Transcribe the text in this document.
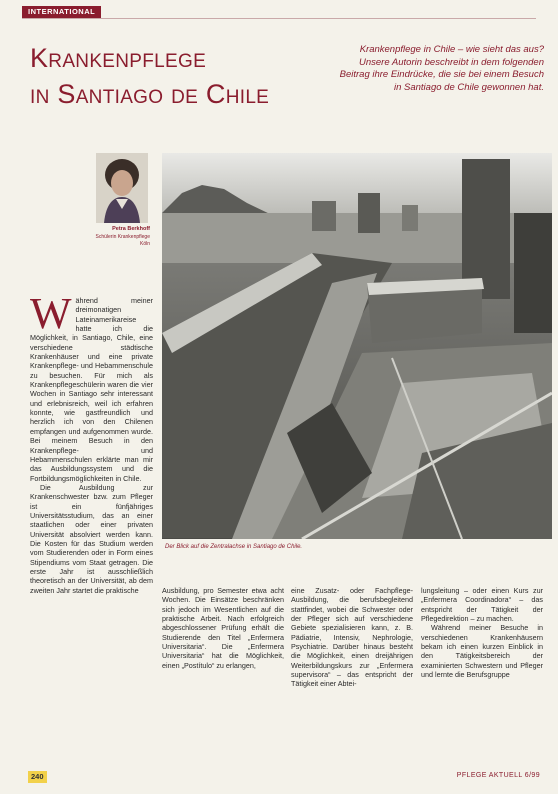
INTERNATIONAL
Krankenpflege
in Santiago de Chile
Krankenpflege in Chile – wie sieht das aus? Unsere Autorin beschreibt in dem folgenden Beitrag ihre Eindrücke, die sie bei einem Besuch in Santiago de Chile gewonnen hat.
Petra Berkhoff
Schülerin Krankenpflege
Köln
Der Blick auf die Zentralachse in Santiago de Chile.

Während meiner dreimonatigen Lateinamerikareise hatte ich die Möglichkeit, in Santiago, Chile, eine verschiedene städtische Krankenhäuser und eine private Krankenpflege- und Hebammenschule zu besuchen. Für mich als Krankenpflegeschülerin waren die vier Wochen in Santiago sehr interessant und erlebnisreich, weil ich erfahren konnte, wie gastfreundlich und herzlich ich von den Chilenen empfangen und aufgenommen wurde. Bei meinem Besuch in den Krankenpflege- und Hebammenschulen erklärte man mir das Ausbildungssystem und die Fortbildungsmöglichkeiten in Chile.

Die Ausbildung zur Krankenschwester bzw. zum Pfleger ist ein fünfjähriges Universitätsstudium, das an einer staatlichen oder einer privaten Universität absolviert werden kann. Die Kosten für das Studium werden vom Studierenden oder in Form eines Stipendiums vom Staat getragen. Die erste Jahr ist ausschließlich theoretisch an der Universität, ab dem zweiten Jahr startet die praktische	Ausbildung, pro Semester etwa acht Wochen. Die Einsätze beschränken sich jedoch im Wesentlichen auf die praktische Arbeit. Nach erfolgreich abgeschlossener Prüfung erhält die Studierende den Titel „Enfermera Universitaria“. Die „Enfermera Universitaria“ hat die Möglichkeit, einen „Postítulo“ zu erlangen,

eine Zusatz- oder Fachpflege-Ausbildung, die berufsbegleitend stattfindet, wobei die Schwester oder der Pfleger sich auf verschiedene Gebiete spezialisieren kann, z. B. Pädiatrie, Intensiv, Nephrologie, Psychiatrie. Darüber hinaus besteht die Möglichkeit, einen dreijährigen Weiterbildungskurs zur „Enfermera supervisora“ – das entspricht der Tätigkeit einer Abtei-

lungsleitung – oder einen Kurs zur „Enfermera Coordinadora“ – das entspricht der Tätigkeit der Pflegedirektion – zu machen.

Während meiner Besuche in verschiedenen Krankenhäusern bekam ich einen kurzen Einblick in den Tätigkeitsbereich der examinierten Schwestern und Pfleger und lernte die Berufsgruppe

240	PFLEGE AKTUELL 6/99
